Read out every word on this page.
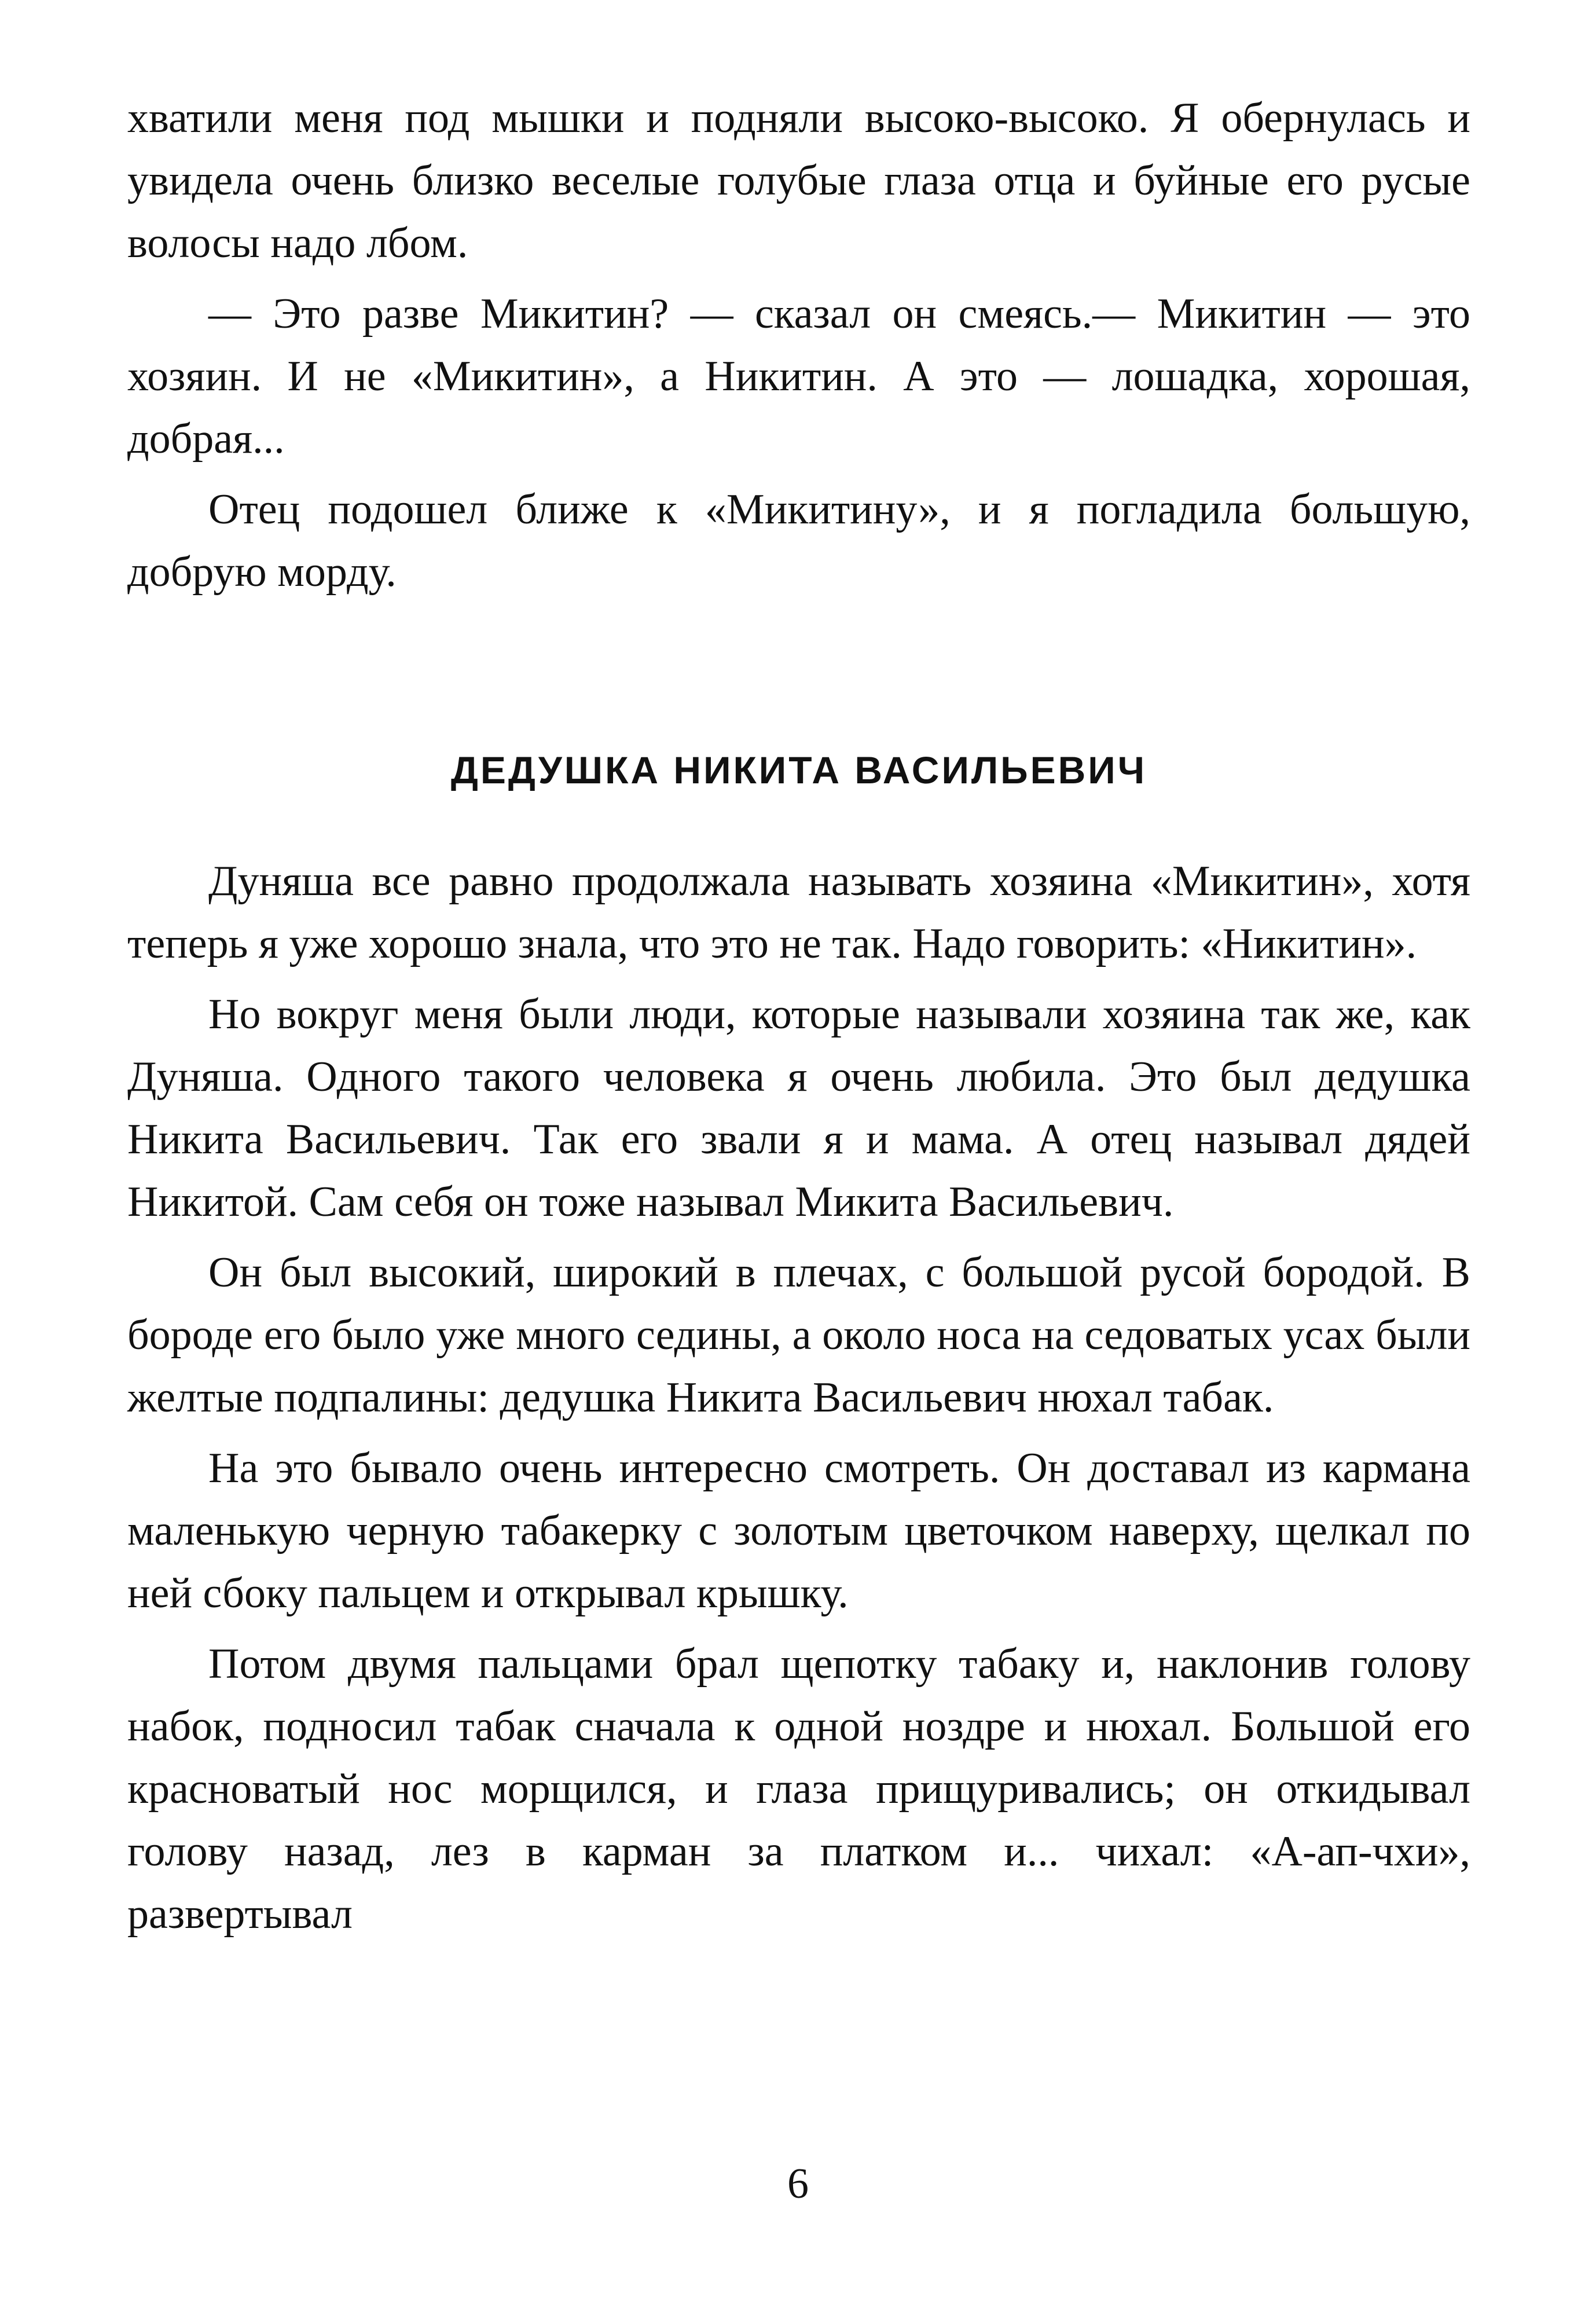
хватили меня под мышки и подняли высоко-высоко. Я обернулась и увидела очень близко веселые голубые глаза отца и буйные его русые волосы надо лбом.

— Это разве Микитин? — сказал он смеясь.— Микитин — это хозяин. И не «Микитин», а Никитин. А это — лошадка, хорошая, добрая...

Отец подошел ближе к «Микитину», и я погладила большую, добрую морду.

ДЕДУШКА НИКИТА ВАСИЛЬЕВИЧ

Дуняша все равно продолжала называть хозяина «Микитин», хотя теперь я уже хорошо знала, что это не так. Надо говорить: «Никитин».

Но вокруг меня были люди, которые называли хозяина так же, как Дуняша. Одного такого человека я очень любила. Это был дедушка Никита Васильевич. Так его звали я и мама. А отец называл дядей Никитой. Сам себя он тоже называл Микита Васильевич.

Он был высокий, широкий в плечах, с большой русой бородой. В бороде его было уже много седины, а около носа на седоватых усах были желтые подпалины: дедушка Никита Васильевич нюхал табак.

На это бывало очень интересно смотреть. Он доставал из кармана маленькую черную табакерку с золотым цветочком наверху, щелкал по ней сбоку пальцем и открывал крышку.

Потом двумя пальцами брал щепотку табаку и, наклонив голову набок, подносил табак сначала к одной ноздре и нюхал. Большой его красноватый нос морщился, и глаза прищуривались; он откидывал голову назад, лез в карман за платком и... чихал: «А-ап-чхи», развертывал

6
